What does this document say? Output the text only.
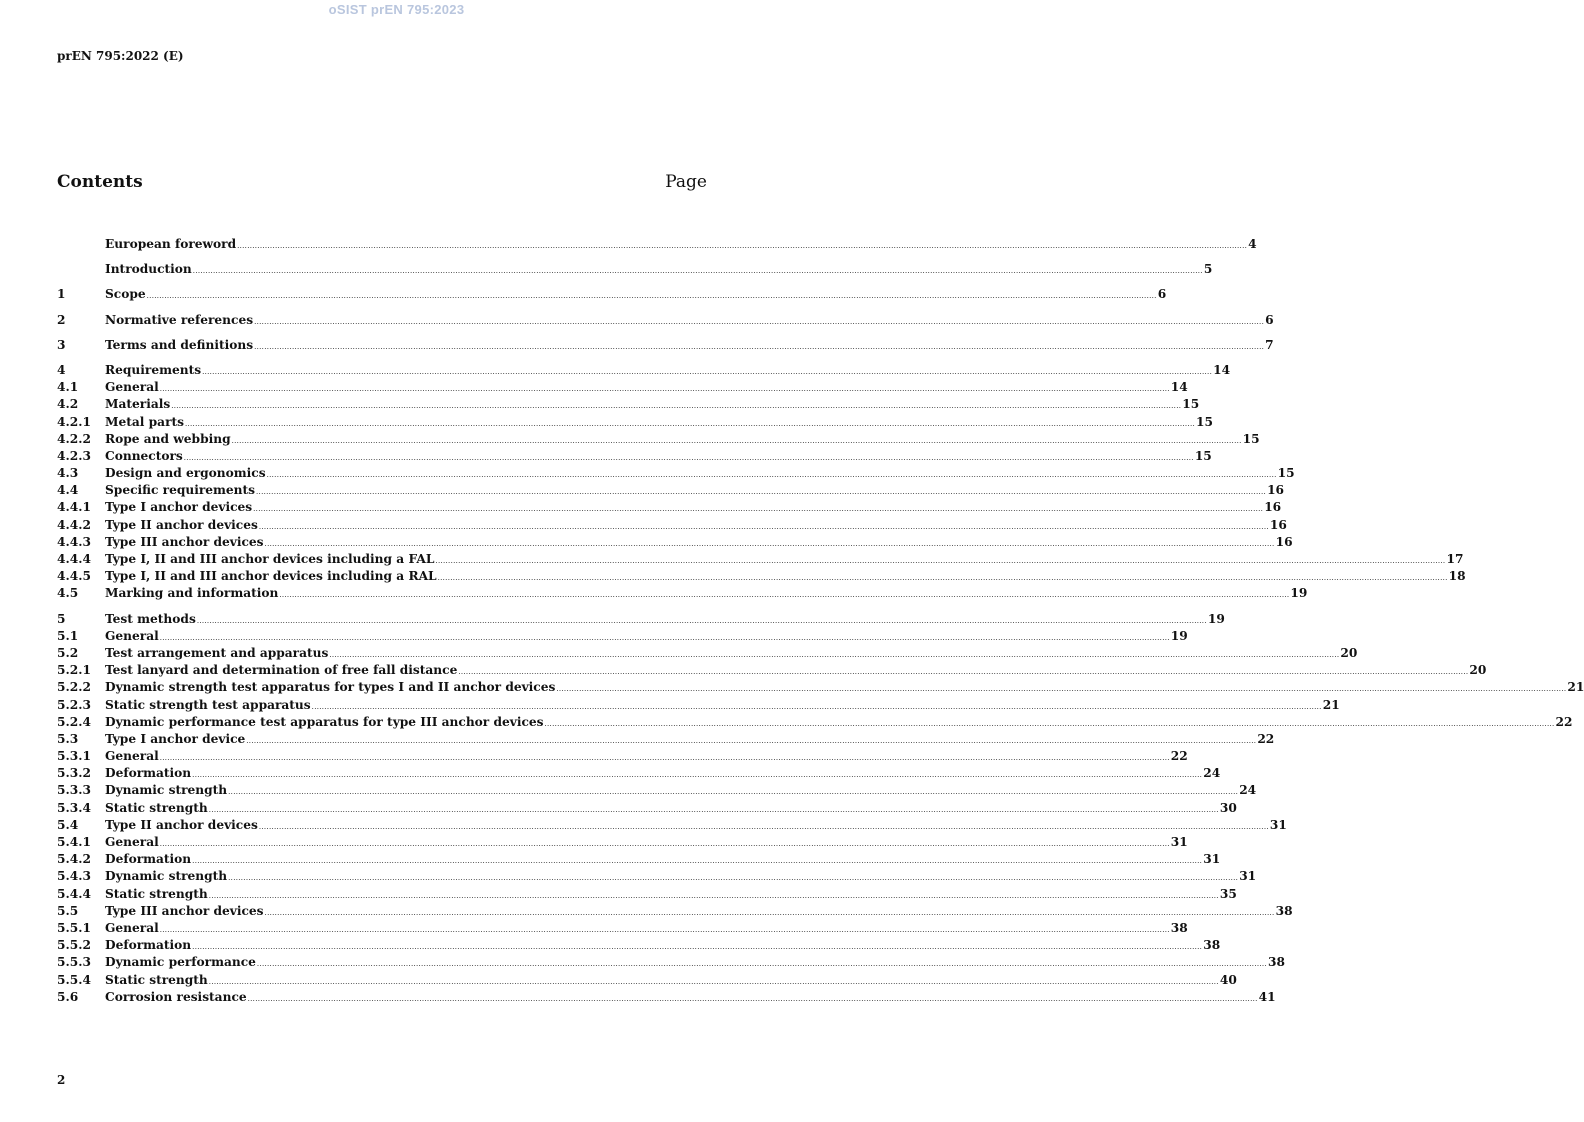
oSIST prEN 795:2023
prEN 795:2022 (E)
Contents	Page
European foreword ................................................................................................................................................................................................................................................................................................................................................................................................................ 4
Introduction ................................................................................................................................................................................................................................................................................................................................................................................................................ 5
1	Scope ................................................................................................................................................................................................................................................................................................................................................................................................................ 6
2	Normative references ................................................................................................................................................................................................................................................................................................................................................................................................................ 6
3	Terms and definitions ................................................................................................................................................................................................................................................................................................................................................................................................................ 7
4	Requirements ................................................................................................................................................................................................................................................................................................................................................................................................................ 14
4.1	General ................................................................................................................................................................................................................................................................................................................................................................................................................ 14
4.2	Materials ................................................................................................................................................................................................................................................................................................................................................................................................................ 15
4.2.1	Metal parts ................................................................................................................................................................................................................................................................................................................................................................................................................ 15
4.2.2	Rope and webbing ................................................................................................................................................................................................................................................................................................................................................................................................................ 15
4.2.3	Connectors ................................................................................................................................................................................................................................................................................................................................................................................................................ 15
4.3	Design and ergonomics ................................................................................................................................................................................................................................................................................................................................................................................................................ 15
4.4	Specific requirements ................................................................................................................................................................................................................................................................................................................................................................................................................ 16
4.4.1	Type I anchor devices ................................................................................................................................................................................................................................................................................................................................................................................................................ 16
4.4.2	Type II anchor devices ................................................................................................................................................................................................................................................................................................................................................................................................................ 16
4.4.3	Type III anchor devices ................................................................................................................................................................................................................................................................................................................................................................................................................ 16
4.4.4	Type I, II and III anchor devices including a FAL ................................................................................................................................................................................................................................................................................................................................................................................................................ 17
4.4.5	Type I, II and III anchor devices including a RAL ................................................................................................................................................................................................................................................................................................................................................................................................................ 18
4.5	Marking and information ................................................................................................................................................................................................................................................................................................................................................................................................................ 19
5	Test methods ................................................................................................................................................................................................................................................................................................................................................................................................................ 19
5.1	General ................................................................................................................................................................................................................................................................................................................................................................................................................ 19
5.2	Test arrangement and apparatus ................................................................................................................................................................................................................................................................................................................................................................................................................ 20
5.2.1	Test lanyard and determination of free fall distance ................................................................................................................................................................................................................................................................................................................................................................................................................ 20
5.2.2	Dynamic strength test apparatus for types I and II anchor devices ................................................................................................................................................................................................................................................................................................................................................................................................................ 21
5.2.3	Static strength test apparatus ................................................................................................................................................................................................................................................................................................................................................................................................................ 21
5.2.4	Dynamic performance test apparatus for type III anchor devices ................................................................................................................................................................................................................................................................................................................................................................................................................ 22
5.3	Type I anchor device ................................................................................................................................................................................................................................................................................................................................................................................................................ 22
5.3.1	General ................................................................................................................................................................................................................................................................................................................................................................................................................ 22
5.3.2	Deformation ................................................................................................................................................................................................................................................................................................................................................................................................................ 24
5.3.3	Dynamic strength ................................................................................................................................................................................................................................................................................................................................................................................................................ 24
5.3.4	Static strength ................................................................................................................................................................................................................................................................................................................................................................................................................ 30
5.4	Type II anchor devices ................................................................................................................................................................................................................................................................................................................................................................................................................ 31
5.4.1	General ................................................................................................................................................................................................................................................................................................................................................................................................................ 31
5.4.2	Deformation ................................................................................................................................................................................................................................................................................................................................................................................................................ 31
5.4.3	Dynamic strength ................................................................................................................................................................................................................................................................................................................................................................................................................ 31
5.4.4	Static strength ................................................................................................................................................................................................................................................................................................................................................................................................................ 35
5.5	Type III anchor devices ................................................................................................................................................................................................................................................................................................................................................................................................................ 38
5.5.1	General ................................................................................................................................................................................................................................................................................................................................................................................................................ 38
5.5.2	Deformation ................................................................................................................................................................................................................................................................................................................................................................................................................ 38
5.5.3	Dynamic performance ................................................................................................................................................................................................................................................................................................................................................................................................................ 38
5.5.4	Static strength ................................................................................................................................................................................................................................................................................................................................................................................................................ 40
5.6	Corrosion resistance ................................................................................................................................................................................................................................................................................................................................................................................................................ 41
2
